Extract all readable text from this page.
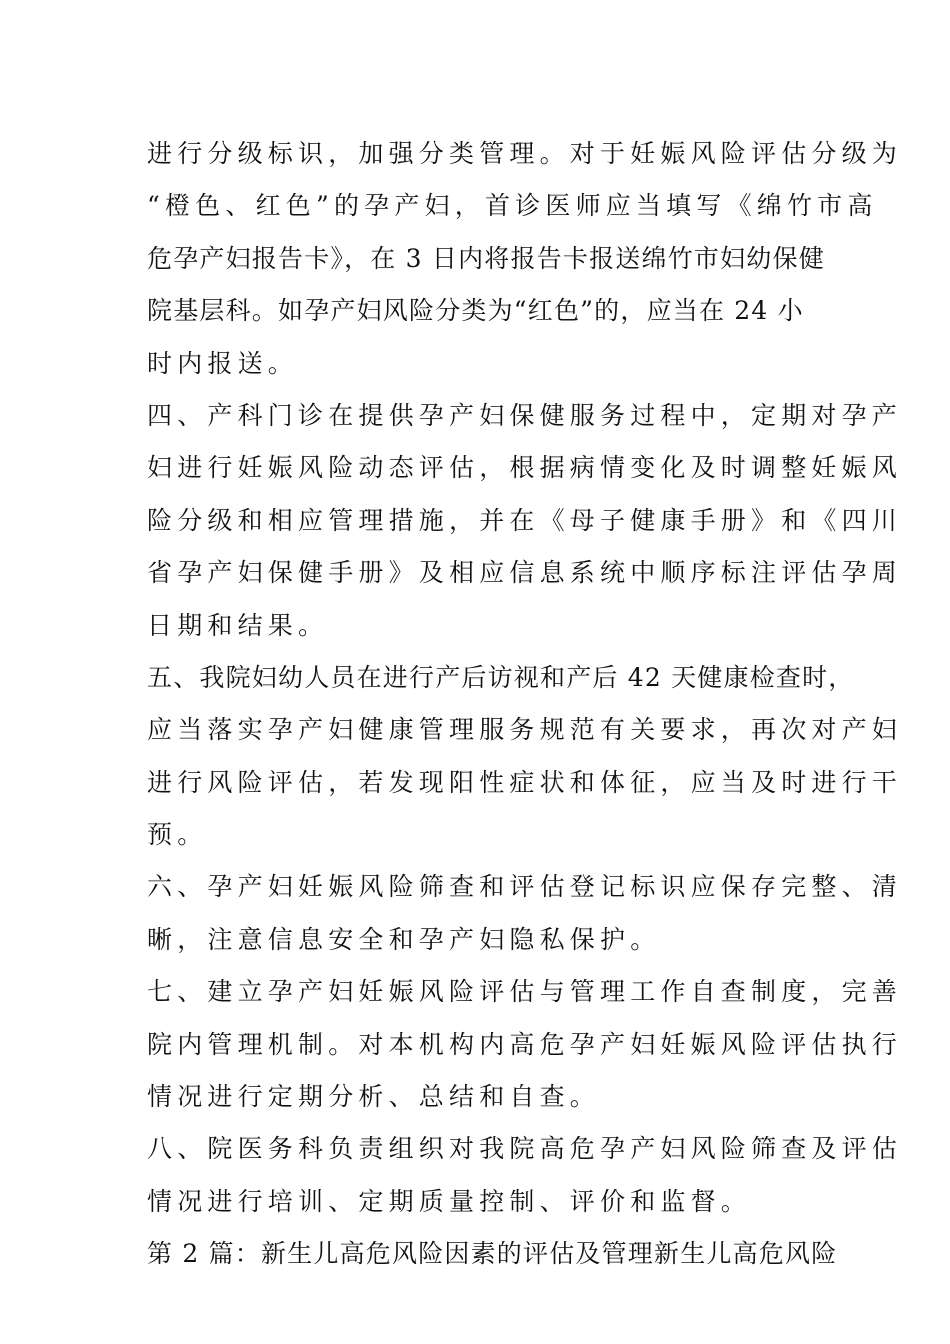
进行分级标识，加强分类管理。对于妊娠风险评估分级为
“橙色、红色”的孕产妇，首诊医师应当填写《绵竹市高
危孕产妇报告卡》，在 3 日内将报告卡报送绵竹市妇幼保健
院基层科。如孕产妇风险分类为“红色”的，应当在 24 小
时内报送。
四、产科门诊在提供孕产妇保健服务过程中，定期对孕产
妇进行妊娠风险动态评估，根据病情变化及时调整妊娠风
险分级和相应管理措施，并在《母子健康手册》和《四川
省孕产妇保健手册》及相应信息系统中顺序标注评估孕周
日期和结果。
五、我院妇幼人员在进行产后访视和产后 42 天健康检查时，
应当落实孕产妇健康管理服务规范有关要求，再次对产妇
进行风险评估，若发现阳性症状和体征，应当及时进行干
预。
六、孕产妇妊娠风险筛查和评估登记标识应保存完整、清
晰，注意信息安全和孕产妇隐私保护。
七、建立孕产妇妊娠风险评估与管理工作自查制度，完善
院内管理机制。对本机构内高危孕产妇妊娠风险评估执行
情况进行定期分析、总结和自查。
八、院医务科负责组织对我院高危孕产妇风险筛查及评估
情况进行培训、定期质量控制、评价和监督。
第 2 篇：新生儿高危风险因素的评估及管理新生儿高危风险
